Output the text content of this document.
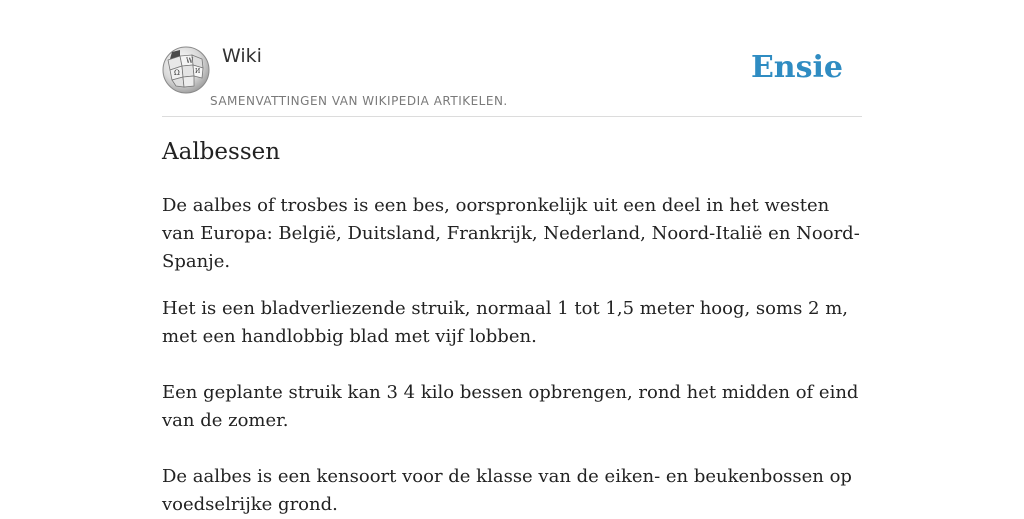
W
Ω	И
Wiki
SAMENVATTINGEN VAN WIKIPEDIA ARTIKELEN.
Ensie
Aalbessen

De aalbes of trosbes is een bes, oorspronkelijk uit een deel in het westen van Europa: België, Duitsland, Frankrijk, Nederland, Noord-Italië en Noord-Spanje.

Het is een bladverliezende struik, normaal 1 tot 1,5 meter hoog, soms 2 m, met een handlobbig blad met vijf lobben.

Een geplante struik kan 3 4 kilo bessen opbrengen, rond het midden of eind van de zomer.

De aalbes is een kensoort voor de klasse van de eiken- en beukenbossen op voedselrijke grond.
